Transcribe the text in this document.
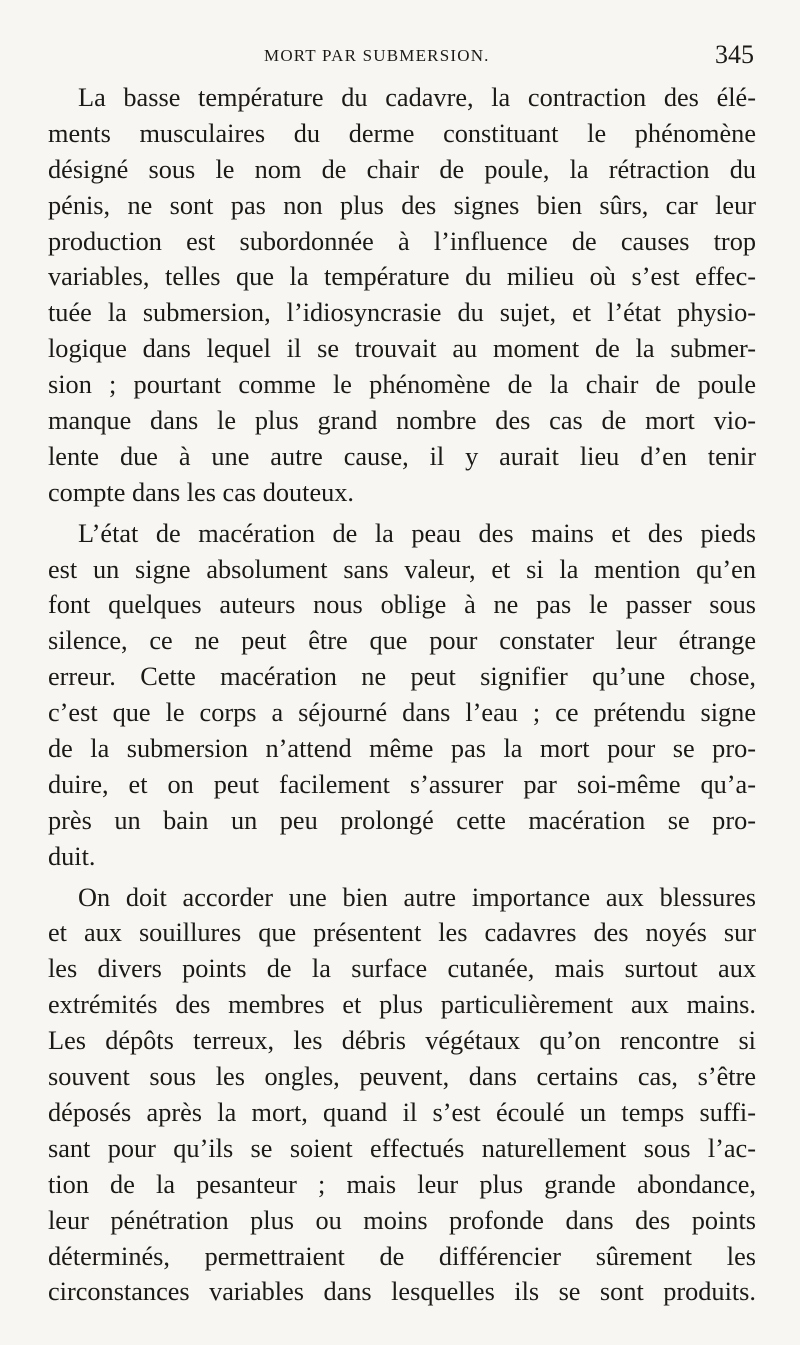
MORT PAR SUBMERSION.	345

La basse température du cadavre, la contraction des élé-
ments musculaires du derme constituant le phénomène
désigné sous le nom de chair de poule, la rétraction du
pénis, ne sont pas non plus des signes bien sûrs, car leur
production est subordonnée à l’influence de causes trop
variables, telles que la température du milieu où s’est effec-
tuée la submersion, l’idiosyncrasie du sujet, et l’état physio-
logique dans lequel il se trouvait au moment de la submer-
sion ; pourtant comme le phénomène de la chair de poule
manque dans le plus grand nombre des cas de mort vio-
lente due à une autre cause, il y aurait lieu d’en tenir
compte dans les cas douteux.

L’état de macération de la peau des mains et des pieds
est un signe absolument sans valeur, et si la mention qu’en
font quelques auteurs nous oblige à ne pas le passer sous
silence, ce ne peut être que pour constater leur étrange
erreur. Cette macération ne peut signifier qu’une chose,
c’est que le corps a séjourné dans l’eau ; ce prétendu signe
de la submersion n’attend même pas la mort pour se pro-
duire, et on peut facilement s’assurer par soi-même qu’a-
près un bain un peu prolongé cette macération se pro-
duit.

On doit accorder une bien autre importance aux blessures
et aux souillures que présentent les cadavres des noyés sur
les divers points de la surface cutanée, mais surtout aux
extrémités des membres et plus particulièrement aux mains.
Les dépôts terreux, les débris végétaux qu’on rencontre si
souvent sous les ongles, peuvent, dans certains cas, s’être
déposés après la mort, quand il s’est écoulé un temps suffi-
sant pour qu’ils se soient effectués naturellement sous l’ac-
tion de la pesanteur ; mais leur plus grande abondance,
leur pénétration plus ou moins profonde dans des points
déterminés, permettraient de différencier sûrement les
circonstances variables dans lesquelles ils se sont produits.
